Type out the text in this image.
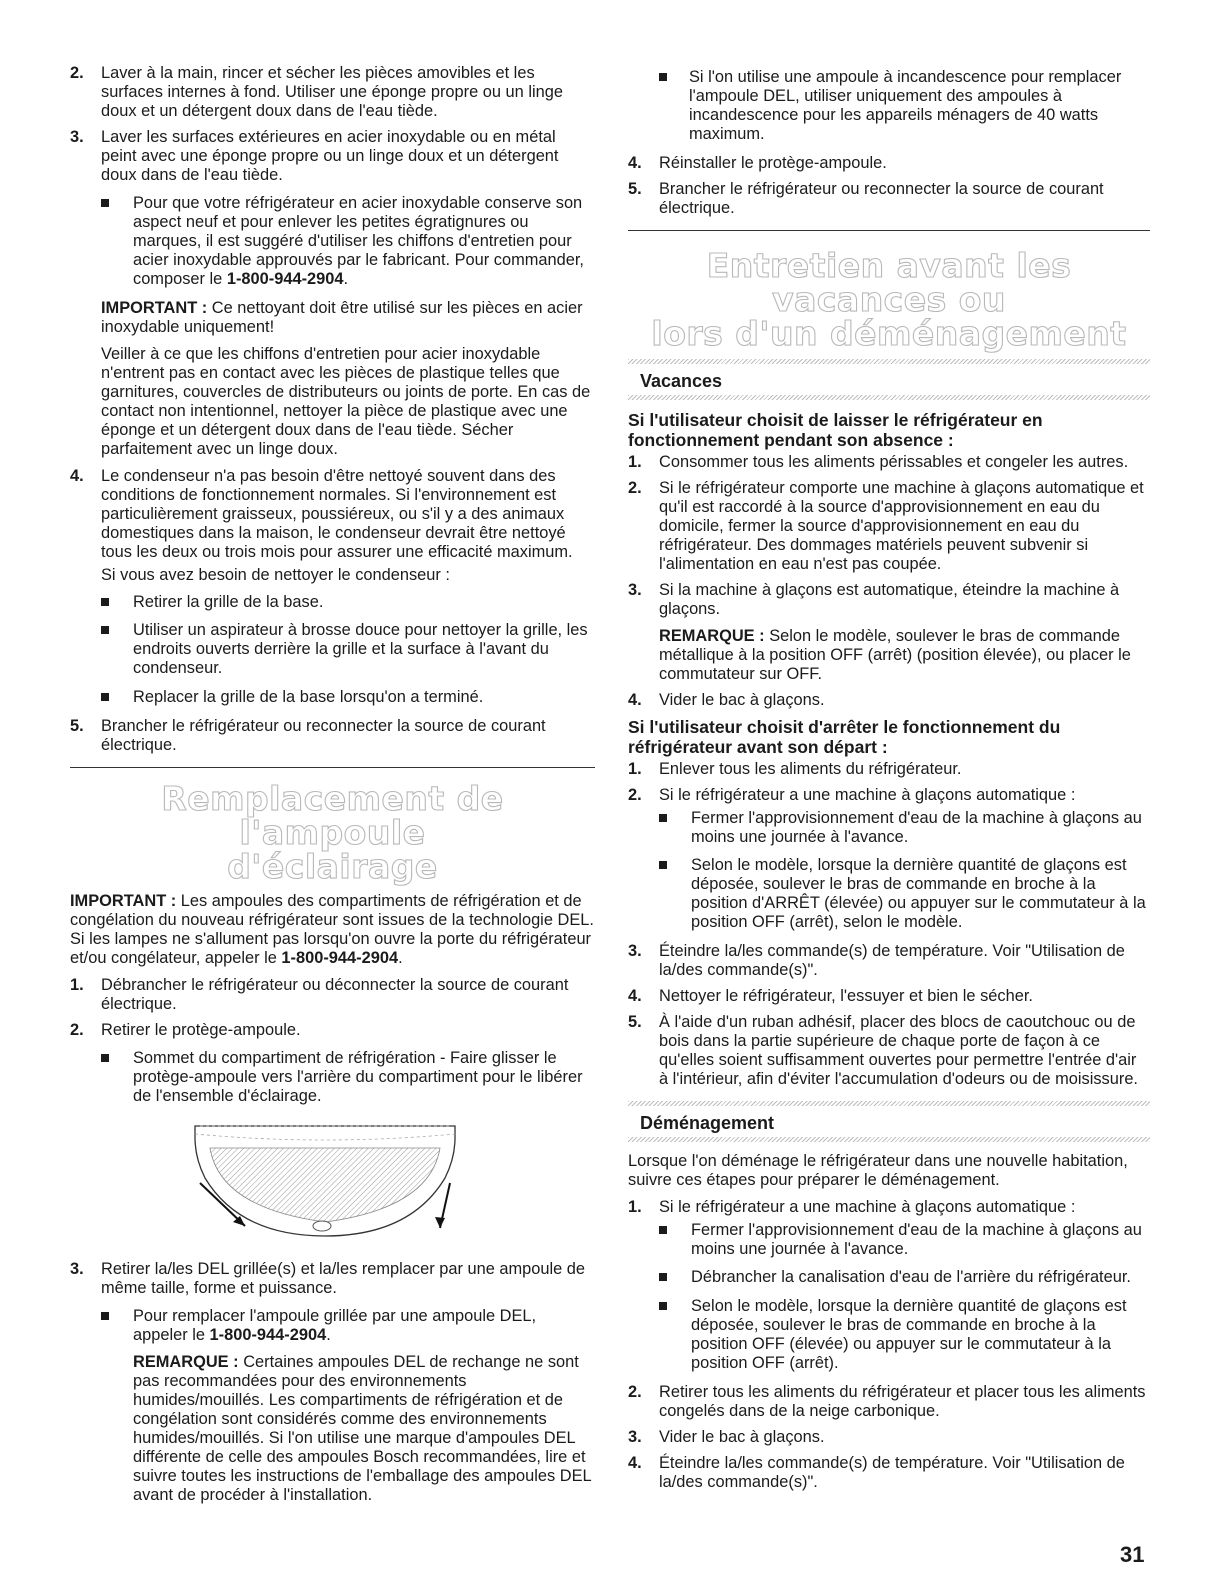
2. Laver à la main, rincer et sécher les pièces amovibles et les surfaces internes à fond. Utiliser une éponge propre ou un linge doux et un détergent doux dans de l'eau tiède.

3. Laver les surfaces extérieures en acier inoxydable ou en métal peint avec une éponge propre ou un linge doux et un détergent doux dans de l'eau tiède.

Pour que votre réfrigérateur en acier inoxydable conserve son aspect neuf et pour enlever les petites égratignures ou marques, il est suggéré d'utiliser les chiffons d'entretien pour acier inoxydable approuvés par le fabricant. Pour commander, composer le 1-800-944-2904.

IMPORTANT : Ce nettoyant doit être utilisé sur les pièces en acier inoxydable uniquement!

Veiller à ce que les chiffons d'entretien pour acier inoxydable n'entrent pas en contact avec les pièces de plastique telles que garnitures, couvercles de distributeurs ou joints de porte. En cas de contact non intentionnel, nettoyer la pièce de plastique avec une éponge et un détergent doux dans de l'eau tiède. Sécher parfaitement avec un linge doux.

4. Le condenseur n'a pas besoin d'être nettoyé souvent dans des conditions de fonctionnement normales. Si l'environnement est particulièrement graisseux, poussiéreux, ou s'il y a des animaux domestiques dans la maison, le condenseur devrait être nettoyé tous les deux ou trois mois pour assurer une efficacité maximum.

Si vous avez besoin de nettoyer le condenseur :

Retirer la grille de la base.

Utiliser un aspirateur à brosse douce pour nettoyer la grille, les endroits ouverts derrière la grille et la surface à l'avant du condenseur.

Replacer la grille de la base lorsqu'on a terminé.

5. Brancher le réfrigérateur ou reconnecter la source de courant électrique.

Remplacement de l'ampoule
d'éclairage

IMPORTANT : Les ampoules des compartiments de réfrigération et de congélation du nouveau réfrigérateur sont issues de la technologie DEL. Si les lampes ne s'allument pas lorsqu'on ouvre la porte du réfrigérateur et/ou congélateur, appeler le 1-800-944-2904.

1. Débrancher le réfrigérateur ou déconnecter la source de courant électrique.

2. Retirer le protège-ampoule.

Sommet du compartiment de réfrigération - Faire glisser le protège-ampoule vers l'arrière du compartiment pour le libérer de l'ensemble d'éclairage.

3. Retirer la/les DEL grillée(s) et la/les remplacer par une ampoule de même taille, forme et puissance.

Pour remplacer l'ampoule grillée par une ampoule DEL, appeler le 1-800-944-2904.

REMARQUE : Certaines ampoules DEL de rechange ne sont pas recommandées pour des environnements humides/mouillés. Les compartiments de réfrigération et de congélation sont considérés comme des environnements humides/mouillés. Si l'on utilise une marque d'ampoules DEL différente de celle des ampoules Bosch recommandées, lire et suivre toutes les instructions de l'emballage des ampoules DEL avant de procéder à l'installation.

Si l'on utilise une ampoule à incandescence pour remplacer l'ampoule DEL, utiliser uniquement des ampoules à incandescence pour les appareils ménagers de 40 watts maximum.

4. Réinstaller le protège-ampoule.

5. Brancher le réfrigérateur ou reconnecter la source de courant électrique.

Entretien avant les vacances ou
lors d'un déménagement
Vacances

Si l'utilisateur choisit de laisser le réfrigérateur en fonctionnement pendant son absence :

1. Consommer tous les aliments périssables et congeler les autres.

2. Si le réfrigérateur comporte une machine à glaçons automatique et qu'il est raccordé à la source d'approvisionnement en eau du domicile, fermer la source d'approvisionnement en eau du réfrigérateur. Des dommages matériels peuvent subvenir si l'alimentation en eau n'est pas coupée.

3. Si la machine à glaçons est automatique, éteindre la machine à glaçons.

REMARQUE : Selon le modèle, soulever le bras de commande métallique à la position OFF (arrêt) (position élevée), ou placer le commutateur sur OFF.

4. Vider le bac à glaçons.

Si l'utilisateur choisit d'arrêter le fonctionnement du réfrigérateur avant son départ :

1. Enlever tous les aliments du réfrigérateur.

2. Si le réfrigérateur a une machine à glaçons automatique :

Fermer l'approvisionnement d'eau de la machine à glaçons au moins une journée à l'avance.

Selon le modèle, lorsque la dernière quantité de glaçons est déposée, soulever le bras de commande en broche à la position d'ARRÊT (élevée) ou appuyer sur le commutateur à la position OFF (arrêt), selon le modèle.

3. Éteindre la/les commande(s) de température. Voir "Utilisation de la/des commande(s)".

4. Nettoyer le réfrigérateur, l'essuyer et bien le sécher.

5. À l'aide d'un ruban adhésif, placer des blocs de caoutchouc ou de bois dans la partie supérieure de chaque porte de façon à ce qu'elles soient suffisamment ouvertes pour permettre l'entrée d'air à l'intérieur, afin d'éviter l'accumulation d'odeurs ou de moisissure.

Déménagement

Lorsque l'on déménage le réfrigérateur dans une nouvelle habitation, suivre ces étapes pour préparer le déménagement.

1. Si le réfrigérateur a une machine à glaçons automatique :

Fermer l'approvisionnement d'eau de la machine à glaçons au moins une journée à l'avance.

Débrancher la canalisation d'eau de l'arrière du réfrigérateur.

Selon le modèle, lorsque la dernière quantité de glaçons est déposée, soulever le bras de commande en broche à la position OFF (élevée) ou appuyer sur le commutateur à la position OFF (arrêt).

2. Retirer tous les aliments du réfrigérateur et placer tous les aliments congelés dans de la neige carbonique.

3. Vider le bac à glaçons.

4. Éteindre la/les commande(s) de température. Voir "Utilisation de la/des commande(s)".

31
